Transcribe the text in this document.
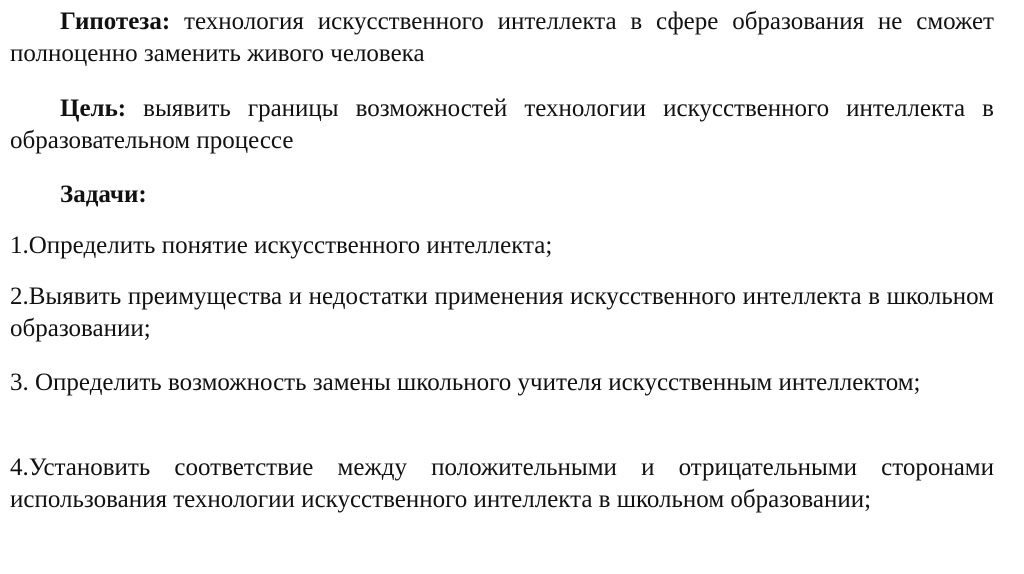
Гипотеза: технология искусственного интеллекта в сфере образования не сможет полноценно заменить живого человека

Цель: выявить границы возможностей технологии искусственного интеллекта в образовательном процессе

Задачи:

1.Определить понятие искусственного интеллекта;

2.Выявить преимущества и недостатки применения искусственного интеллекта в школьном образовании;

3. Определить возможность замены школьного учителя искусственным интеллектом;

4.Установить соответствие между положительными и отрицательными сторонами использования технологии искусственного интеллекта в школьном образовании;
